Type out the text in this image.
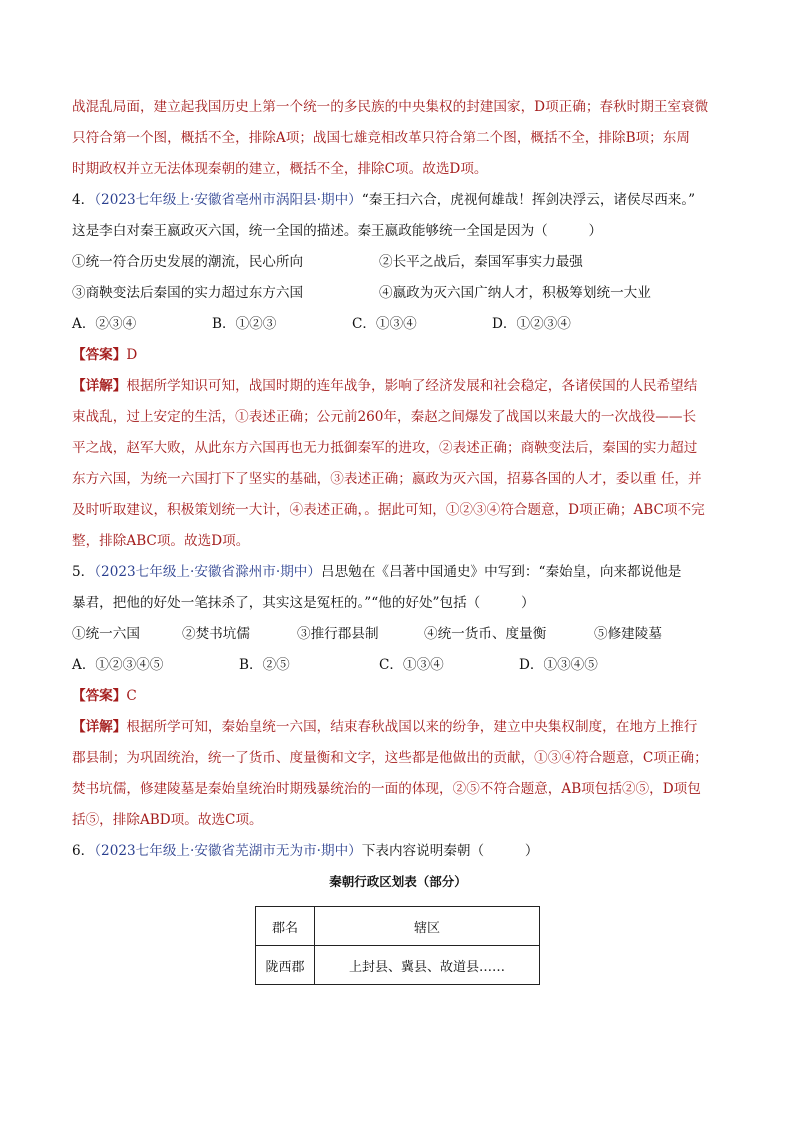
战混乱局面，建立起我国历史上第一个统一的多民族的中央集权的封建国家，D项正确；春秋时期王室衰微
只符合第一个图，概括不全，排除A项；战国七雄竞相改革只符合第二个图，概括不全，排除B项；东周
时期政权并立无法体现秦朝的建立，概括不全，排除C项。故选D项。
4．（2023七年级上·安徽省亳州市涡阳县·期中）“秦王扫六合，虎视何雄哉！挥剑决浮云，诸侯尽西来。”
这是李白对秦王嬴政灭六国，统一全国的描述。秦王嬴政能够统一全国是因为（　　　）
①统一符合历史发展的潮流，民心所向	②长平之战后，秦国军事实力最强
③商鞅变法后秦国的实力超过东方六国	④嬴政为灭六国广纳人才，积极筹划统一大业
A．②③④	B．①②③	C．①③④	D．①②③④
【答案】D
【详解】根据所学知识可知，战国时期的连年战争，影响了经济发展和社会稳定，各诸侯国的人民希望结
束战乱，过上安定的生活，①表述正确；公元前260年，秦赵之间爆发了战国以来最大的一次战役——长
平之战，赵军大败，从此东方六国再也无力抵御秦军的进攻，②表述正确；商鞅变法后，秦国的实力超过
东方六国，为统一六国打下了坚实的基础，③表述正确；嬴政为灭六国，招募各国的人才，委以重 任，并
及时听取建议，积极策划统一大计，④表述正确，。据此可知，①②③④符合题意，D项正确；ABC项不完
整，排除ABC项。故选D项。
5．（2023七年级上·安徽省滁州市·期中）吕思勉在《吕著中国通史》中写到：“秦始皇，向来都说他是
暴君，把他的好处一笔抹杀了，其实这是冤枉的。”“他的好处”包括（　　　）
①统一六国	②焚书坑儒	③推行郡县制	④统一货币、度量衡	⑤修建陵墓
A．①②③④⑤	B．②⑤	C．①③④	D．①③④⑤
【答案】C
【详解】根据所学可知，秦始皇统一六国，结束春秋战国以来的纷争，建立中央集权制度，在地方上推行
郡县制；为巩固统治，统一了货币、度量衡和文字，这些都是他做出的贡献，①③④符合题意，C项正确；
焚书坑儒，修建陵墓是秦始皇统治时期残暴统治的一面的体现，②⑤不符合题意，AB项包括②⑤，D项包
括⑤，排除ABD项。故选C项。
6．（2023七年级上·安徽省芜湖市无为市·期中）下表内容说明秦朝（　　　）
秦朝行政区划表（部分）
郡名	辖区
陇西郡	上封县、冀县、故道县……
